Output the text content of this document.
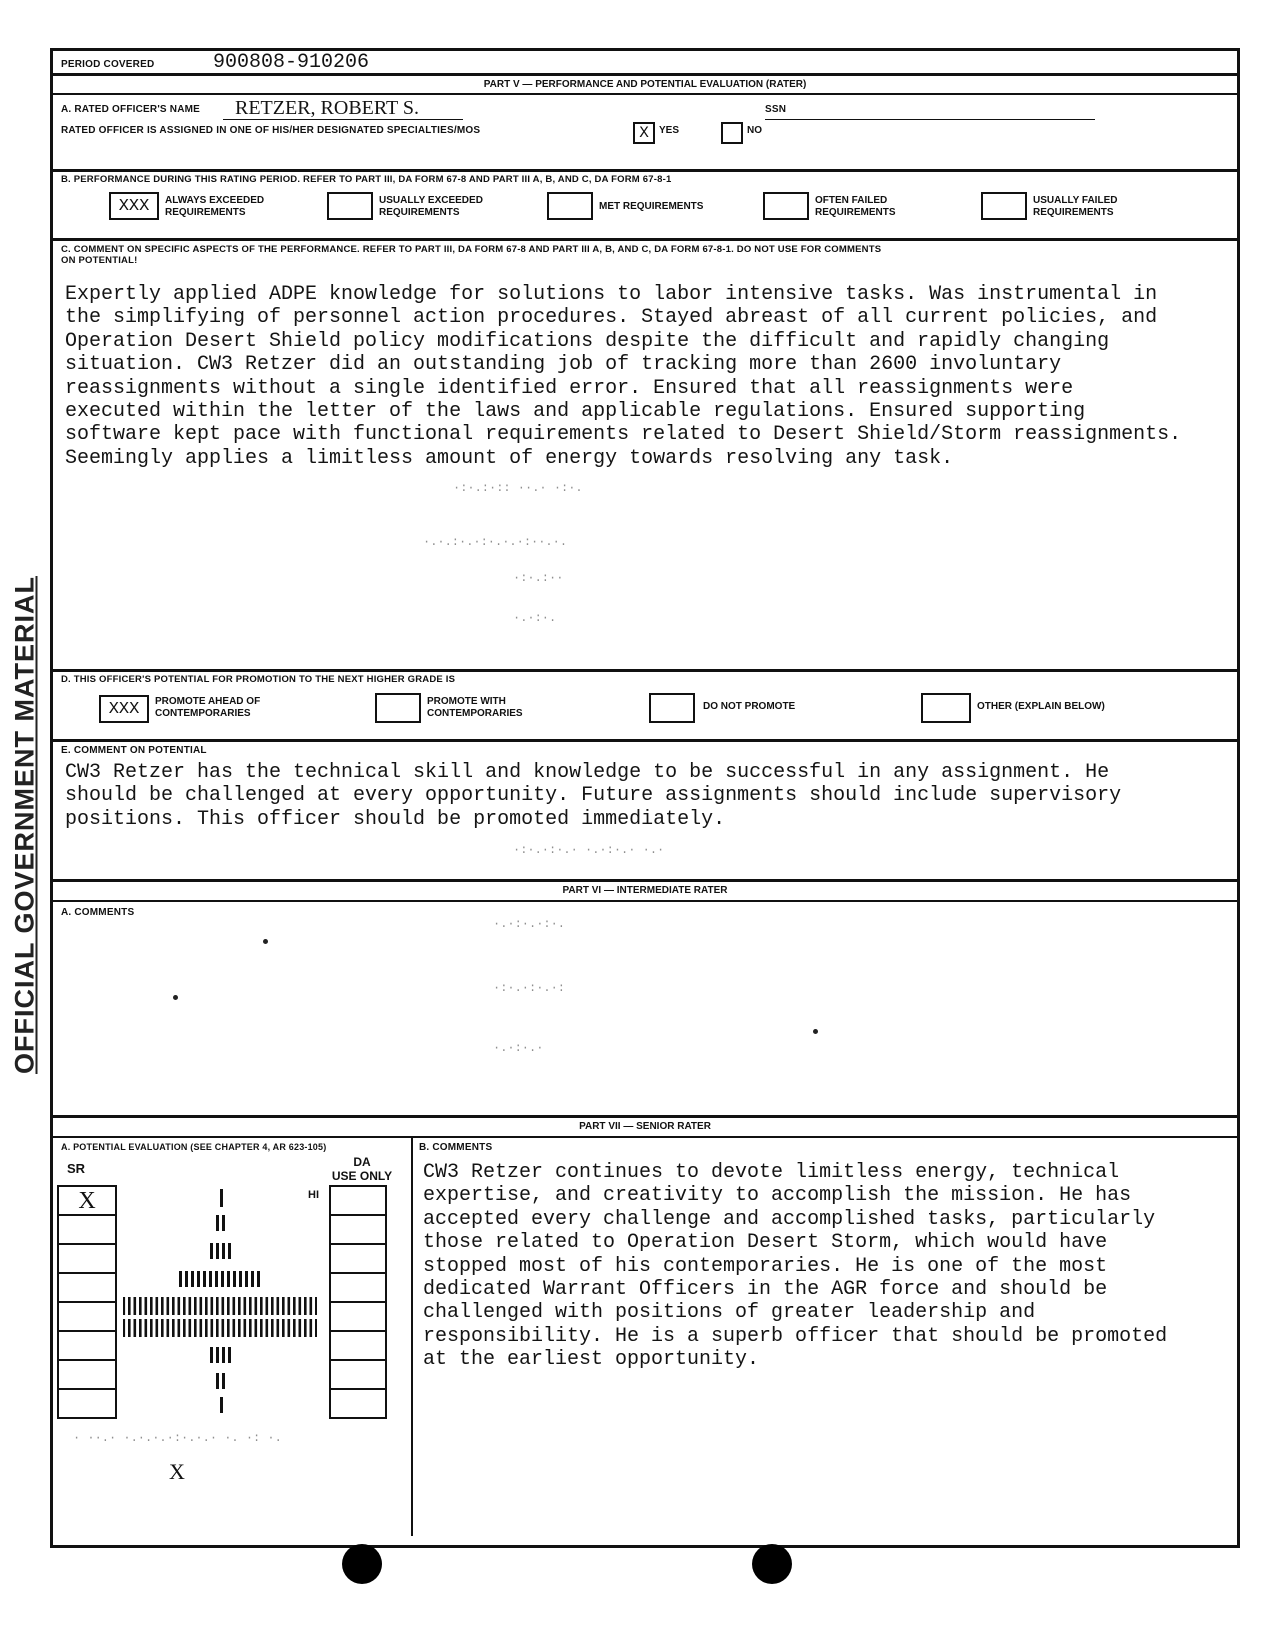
OFFICIAL GOVERNMENT MATERIAL
PERIOD COVERED	900808-910206
PART V — PERFORMANCE AND POTENTIAL EVALUATION (RATER)
A. RATED OFFICER'S NAME RETZER, ROBERT S.	SSN
RATED OFFICER IS ASSIGNED IN ONE OF HIS/HER DESIGNATED SPECIALTIES/MOS	X	YES	NO
B. PERFORMANCE DURING THIS RATING PERIOD. REFER TO PART III, DA FORM 67-8 AND PART III A, B, AND C, DA FORM 67-8-1
XXX	ALWAYS EXCEEDED
REQUIREMENTS
USUALLY EXCEEDED
REQUIREMENTS
MET REQUIREMENTS
OFTEN FAILED
REQUIREMENTS
USUALLY FAILED
REQUIREMENTS
C. COMMENT ON SPECIFIC ASPECTS OF THE PERFORMANCE. REFER TO PART III, DA FORM 67-8 AND PART III A, B, AND C, DA FORM 67-8-1. DO NOT USE FOR COMMENTS
ON POTENTIAL!
Expertly applied ADPE knowledge for solutions to labor intensive tasks. Was instrumental in
the simplifying of personnel action procedures. Stayed abreast of all current policies, and
Operation Desert Shield policy modifications despite the difficult and rapidly changing
situation. CW3 Retzer did an outstanding job of tracking more than 2600 involuntary
reassignments without a single identified error. Ensured that all reassignments were
executed within the letter of the laws and applicable regulations. Ensured supporting
software kept pace with functional requirements related to Desert Shield/Storm reassignments.
Seemingly applies a limitless amount of energy towards resolving any task.
·:·.:·:: ··.· ·:·.
·.·.:·.·:·.·.·:··.·.
·:·.:··
·.·:·.
D. THIS OFFICER'S POTENTIAL FOR PROMOTION TO THE NEXT HIGHER GRADE IS
XXX	PROMOTE AHEAD OF
CONTEMPORARIES
PROMOTE WITH
CONTEMPORARIES
DO NOT PROMOTE	OTHER (EXPLAIN BELOW)
E. COMMENT ON POTENTIAL
CW3 Retzer has the technical skill and knowledge to be successful in any assignment. He
should be challenged at every opportunity. Future assignments should include supervisory
positions. This officer should be promoted immediately.
·:·.·:·.· ·.·:·.· ·.·
PART VI — INTERMEDIATE RATER
A. COMMENTS
·.·:·.·:·.
·:·.·:·.·:
·.·:·.·
PART VII — SENIOR RATER
A. POTENTIAL EVALUATION (SEE CHAPTER 4, AR 623-105)
SR	DA
USE ONLY
X	HI
· ··.· ·.·.·.·:·.·.· ·. ·: ·.
X
B. COMMENTS
CW3 Retzer continues to devote limitless energy, technical
expertise, and creativity to accomplish the mission. He has
accepted every challenge and accomplished tasks, particularly
those related to Operation Desert Storm, which would have
stopped most of his contemporaries. He is one of the most
dedicated Warrant Officers in the AGR force and should be
challenged with positions of greater leadership and
responsibility. He is a superb officer that should be promoted
at the earliest opportunity.
